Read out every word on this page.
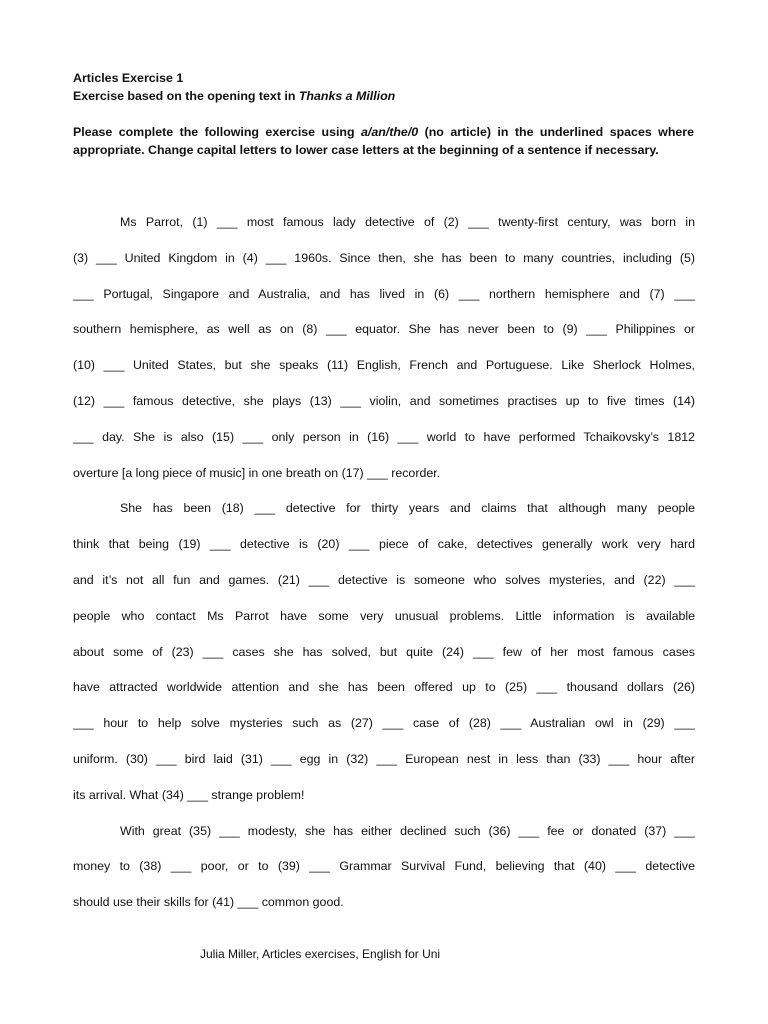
Articles Exercise 1
Exercise based on the opening text in Thanks a Million
Please complete the following exercise using a/an/the/0 (no article) in the underlined spaces where appropriate. Change capital letters to lower case letters at the beginning of a sentence if necessary.
Ms Parrot, (1) ___ most famous lady detective of (2) ___ twenty-first century, was born in
(3) ___ United Kingdom in (4) ___ 1960s. Since then, she has been to many countries, including (5)
___ Portugal, Singapore and Australia, and has lived in (6) ___ northern hemisphere and (7) ___
southern hemisphere, as well as on (8) ___ equator. She has never been to (9) ___ Philippines or
(10) ___ United States, but she speaks (11) English, French and Portuguese. Like Sherlock Holmes,
(12) ___ famous detective, she plays (13) ___ violin, and sometimes practises up to five times (14)
___ day. She is also (15) ___ only person in (16) ___ world to have performed Tchaikovsky’s 1812
overture [a long piece of music] in one breath on (17) ___ recorder.
She has been (18) ___ detective for thirty years and claims that although many people
think that being (19) ___ detective is (20) ___ piece of cake, detectives generally work very hard
and it’s not all fun and games. (21) ___ detective is someone who solves mysteries, and (22) ___
people who contact Ms Parrot have some very unusual problems. Little information is available
about some of (23) ___ cases she has solved, but quite (24) ___ few of her most famous cases
have attracted worldwide attention and she has been offered up to (25) ___ thousand dollars (26)
___ hour to help solve mysteries such as (27) ___ case of (28) ___ Australian owl in (29) ___
uniform. (30) ___ bird laid (31) ___ egg in (32) ___ European nest in less than (33) ___ hour after
its arrival. What (34) ___ strange problem!
With great (35) ___ modesty, she has either declined such (36) ___ fee or donated (37) ___
money to (38) ___ poor, or to (39) ___ Grammar Survival Fund, believing that (40) ___ detective
should use their skills for (41) ___ common good.
Julia Miller, Articles exercises, English for Uni
